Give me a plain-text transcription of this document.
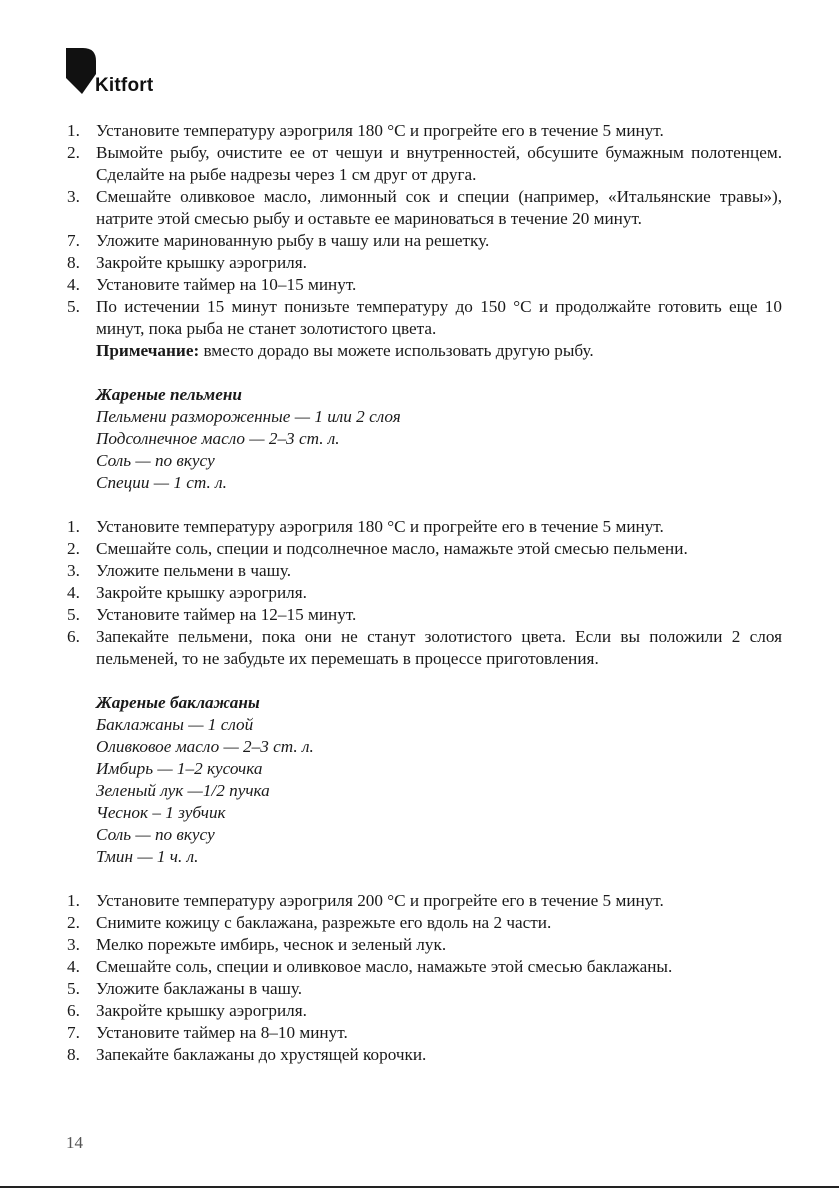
Kitfort
1. Установите температуру аэрогриля 180 °С и прогрейте его в течение 5 минут.
2. Вымойте рыбу, очистите ее от чешуи и внутренностей, обсушите бумажным полотенцем. Сделайте на рыбе надрезы через 1 см друг от друга.
3. Смешайте оливковое масло, лимонный сок и специи (например, «Итальянские травы»), натрите этой смесью рыбу и оставьте ее мариноваться в течение 20 минут.
7. Уложите маринованную рыбу в чашу или на решетку.
8. Закройте крышку аэрогриля.
4. Установите таймер на 10–15 минут.
5. По истечении 15 минут понизьте температуру до 150 °С и продолжайте готовить еще 10 минут, пока рыба не станет золотистого цвета.
Примечание: вместо дорадо вы можете использовать другую рыбу.
Жареные пельмени
Пельмени размороженные — 1 или 2 слоя
Подсолнечное масло — 2–3 ст. л.
Соль — по вкусу
Специи — 1 ст. л.
1. Установите температуру аэрогриля 180 °С и прогрейте его в течение 5 минут.
2. Смешайте соль, специи и подсолнечное масло, намажьте этой смесью пельмени.
3. Уложите пельмени в чашу.
4. Закройте крышку аэрогриля.
5. Установите таймер на 12–15 минут.
6. Запекайте пельмени, пока они не станут золотистого цвета. Если вы положили 2 слоя пельменей, то не забудьте их перемешать в процессе приготовления.
Жареные баклажаны
Баклажаны — 1 слой
Оливковое масло — 2–3 ст. л.
Имбирь — 1–2 кусочка
Зеленый лук —1/2 пучка
Чеснок – 1 зубчик
Соль — по вкусу
Тмин — 1 ч. л.
1. Установите температуру аэрогриля 200 °С и прогрейте его в течение 5 минут.
2. Снимите кожицу с баклажана, разрежьте его вдоль на 2 части.
3. Мелко порежьте имбирь, чеснок и зеленый лук.
4. Смешайте соль, специи и оливковое масло, намажьте этой смесью баклажаны.
5. Уложите баклажаны в чашу.
6. Закройте крышку аэрогриля.
7. Установите таймер на 8–10 минут.
8. Запекайте баклажаны до хрустящей корочки.
14
